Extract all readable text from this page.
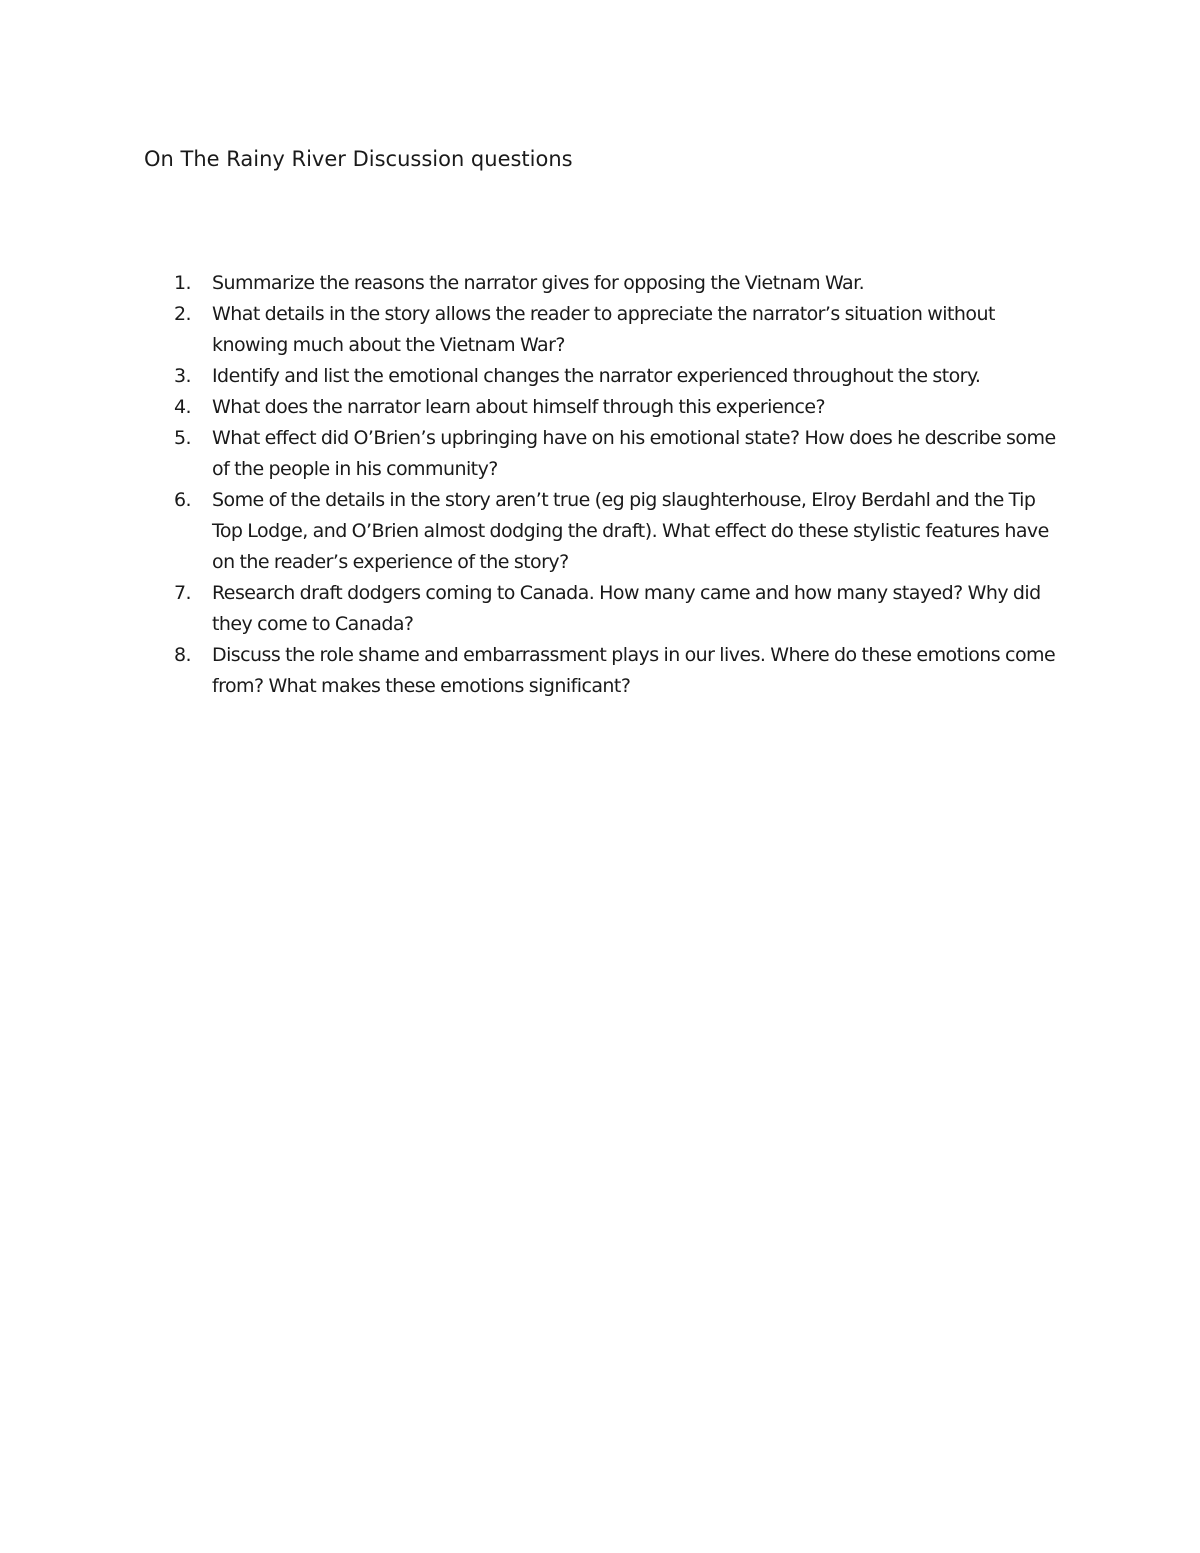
On The Rainy River Discussion questions
1.	Summarize the reasons the narrator gives for opposing the Vietnam War.
2.	What details in the story allows the reader to appreciate the narrator’s situation without knowing much about the Vietnam War?
3.	Identify and list the emotional changes the narrator experienced throughout the story.
4.	What does the narrator learn about himself through this experience?
5.	What effect did O’Brien’s upbringing have on his emotional state? How does he describe some of the people in his community?
6.	Some of the details in the story aren’t true (eg pig slaughterhouse, Elroy Berdahl and the Tip Top Lodge, and O’Brien almost dodging the draft). What effect do these stylistic features have on the reader’s experience of the story?
7.	Research draft dodgers coming to Canada. How many came and how many stayed? Why did they come to Canada?
8.	Discuss the role shame and embarrassment plays in our lives. Where do these emotions come from? What makes these emotions significant?
